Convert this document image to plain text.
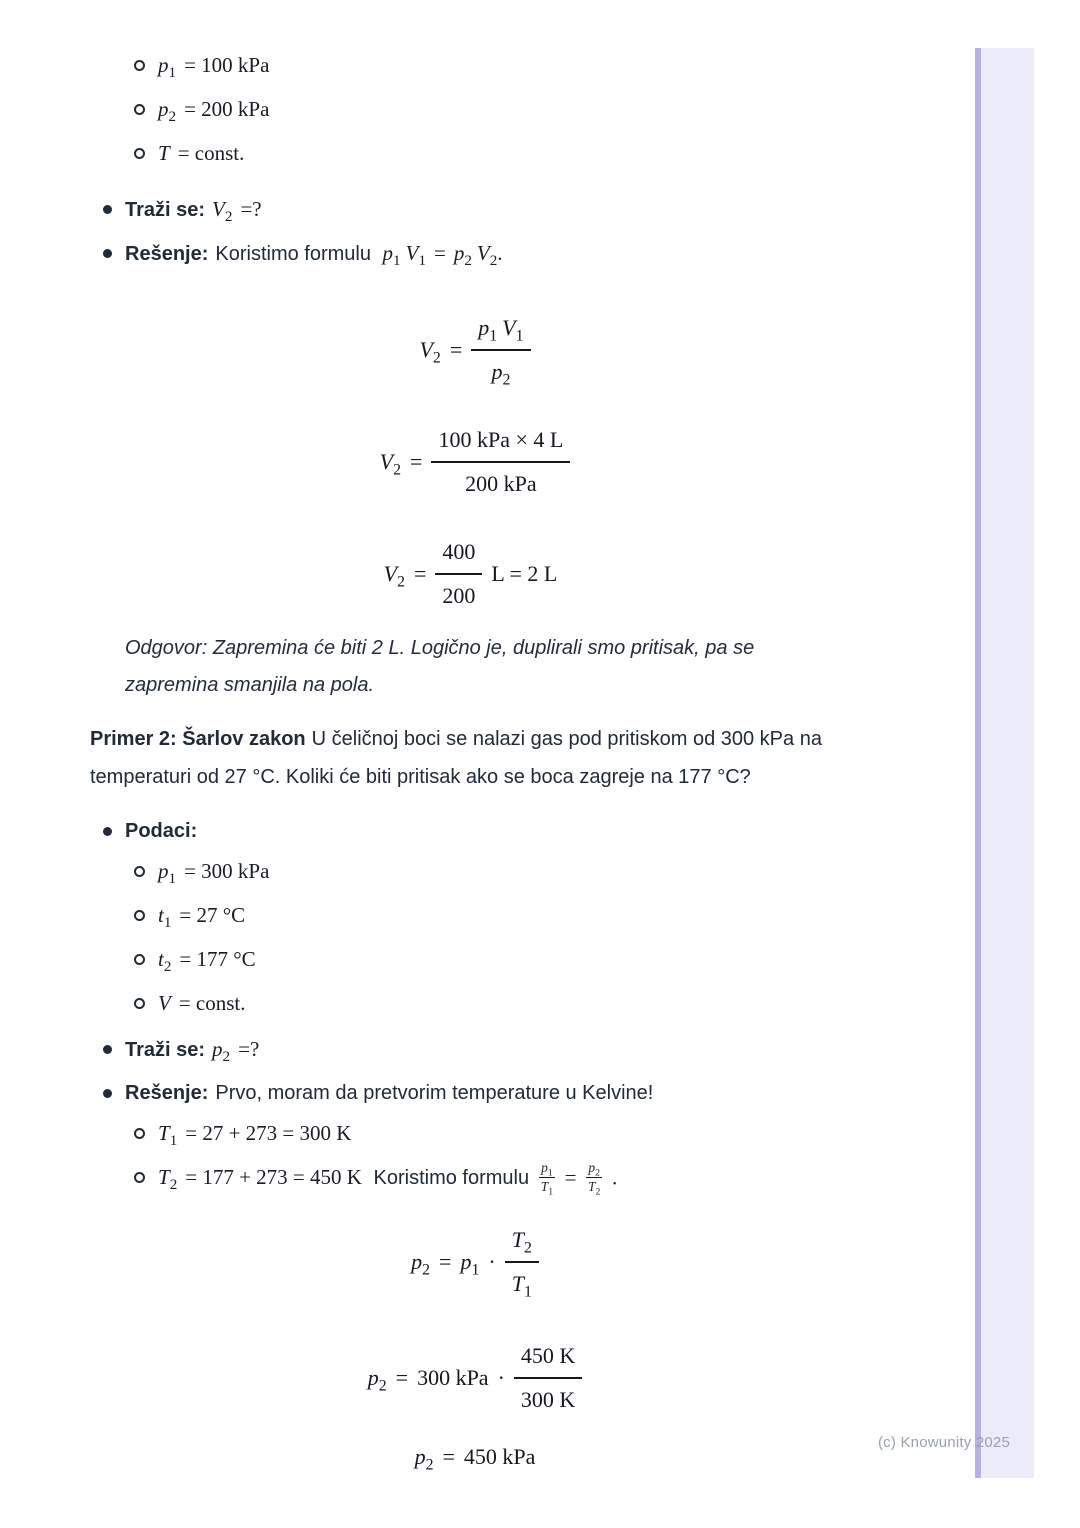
(c) Knowunity 2025
$p_1 = 100$ kPa
$p_2 = 200$ kPa
T = const.
Traži se: $V_2$ =?
Rešenje: Koristimo formulu $p_1$ $V_1 = p_2$ $V_2$.
$V_2 = \frac{p_1 V_1}{p_2}$
$V_2 = \frac{\text{100 kPa × 4 L}}{\text{200 kPa}}$
$V_2 = \frac{400}{200}$ L = 2 L

Odgovor: Zapremina će biti 2 L. Logično je, duplirali smo pritisak, pa se zapremina smanjila na pola.

Primer 2: Šarlov zakon U čeličnoj boci se nalazi gas pod pritiskom od 300 kPa na temperaturi od 27 °C. Koliki će biti pritisak ako se boca zagreje na 177 °C?

Podaci:
$p_1 = 300$ kPa
$t_1 = 27$ °C
$t_2 = 177$ °C
V = const.
Traži se: $p_2$ =?
Rešenje: Prvo, moram da pretvorim temperature u Kelvine!
$T_1 = 27 + 273 = 300$ K
$T_2 = 177 + 273 = 450$ K Koristimo formulu $\frac{p_1}{T_1} = \frac{p_2}{T_2}$ .
$p_2 = p_1 \cdot \frac{T_2}{T_1}$
$p_2 = 300$ kPa · $\frac{450 K}{300 K}$
$p_2 = 450$ kPa
